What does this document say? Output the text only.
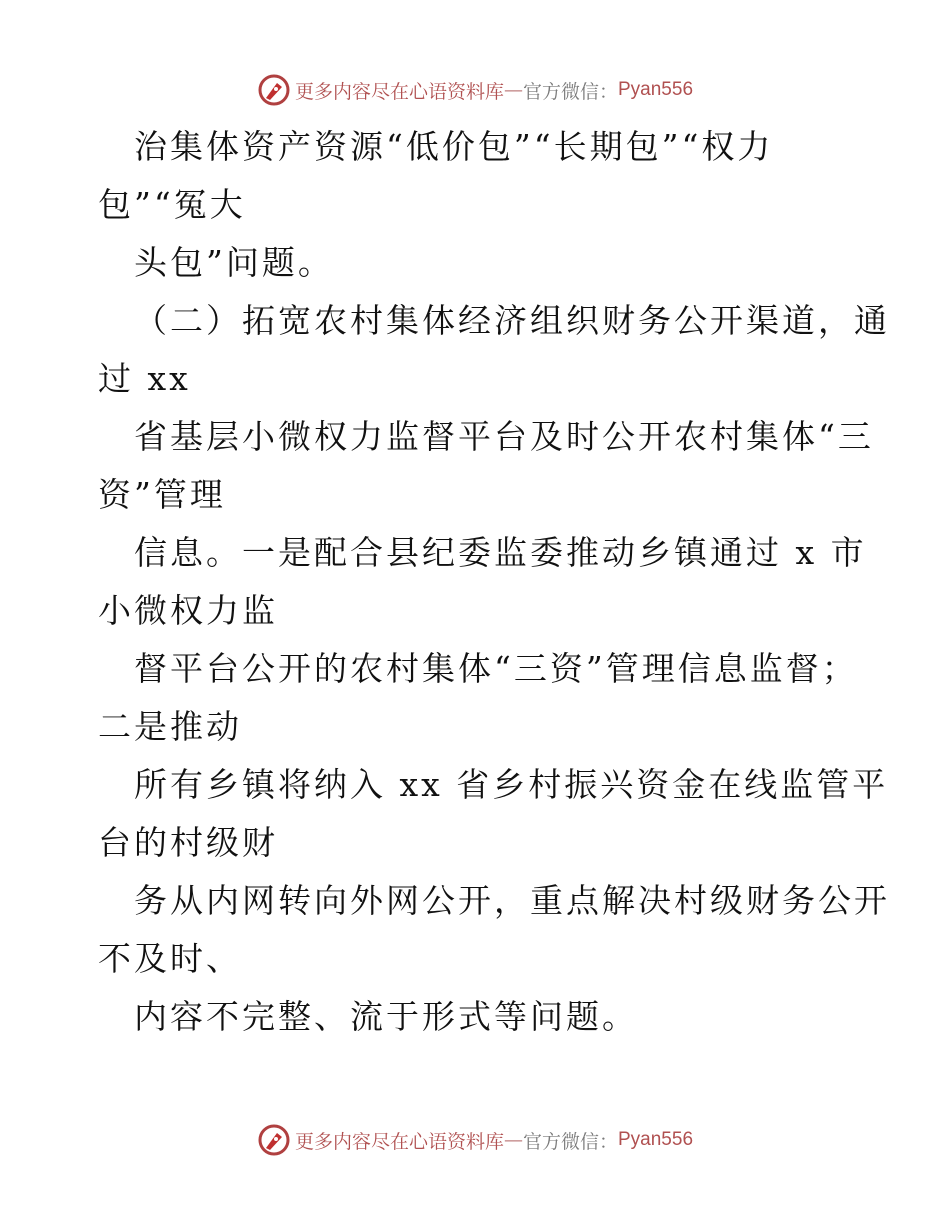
更多内容尽在心语资料库 — 官方微信： Pyan556
治集体资产资源“低价包”“长期包”“权力
包”“冤大
头包”问题。
（二）拓宽农村集体经济组织财务公开渠道，通
过 xx
省基层小微权力监督平台及时公开农村集体“三
资”管理
信息。一是配合县纪委监委推动乡镇通过 x 市
小微权力监
督平台公开的农村集体“三资”管理信息监督；
二是推动
所有乡镇将纳入 xx 省乡村振兴资金在线监管平
台的村级财
务从内网转向外网公开，重点解决村级财务公开
不及时、
内容不完整、流于形式等问题。
更多内容尽在心语资料库 — 官方微信： Pyan556
